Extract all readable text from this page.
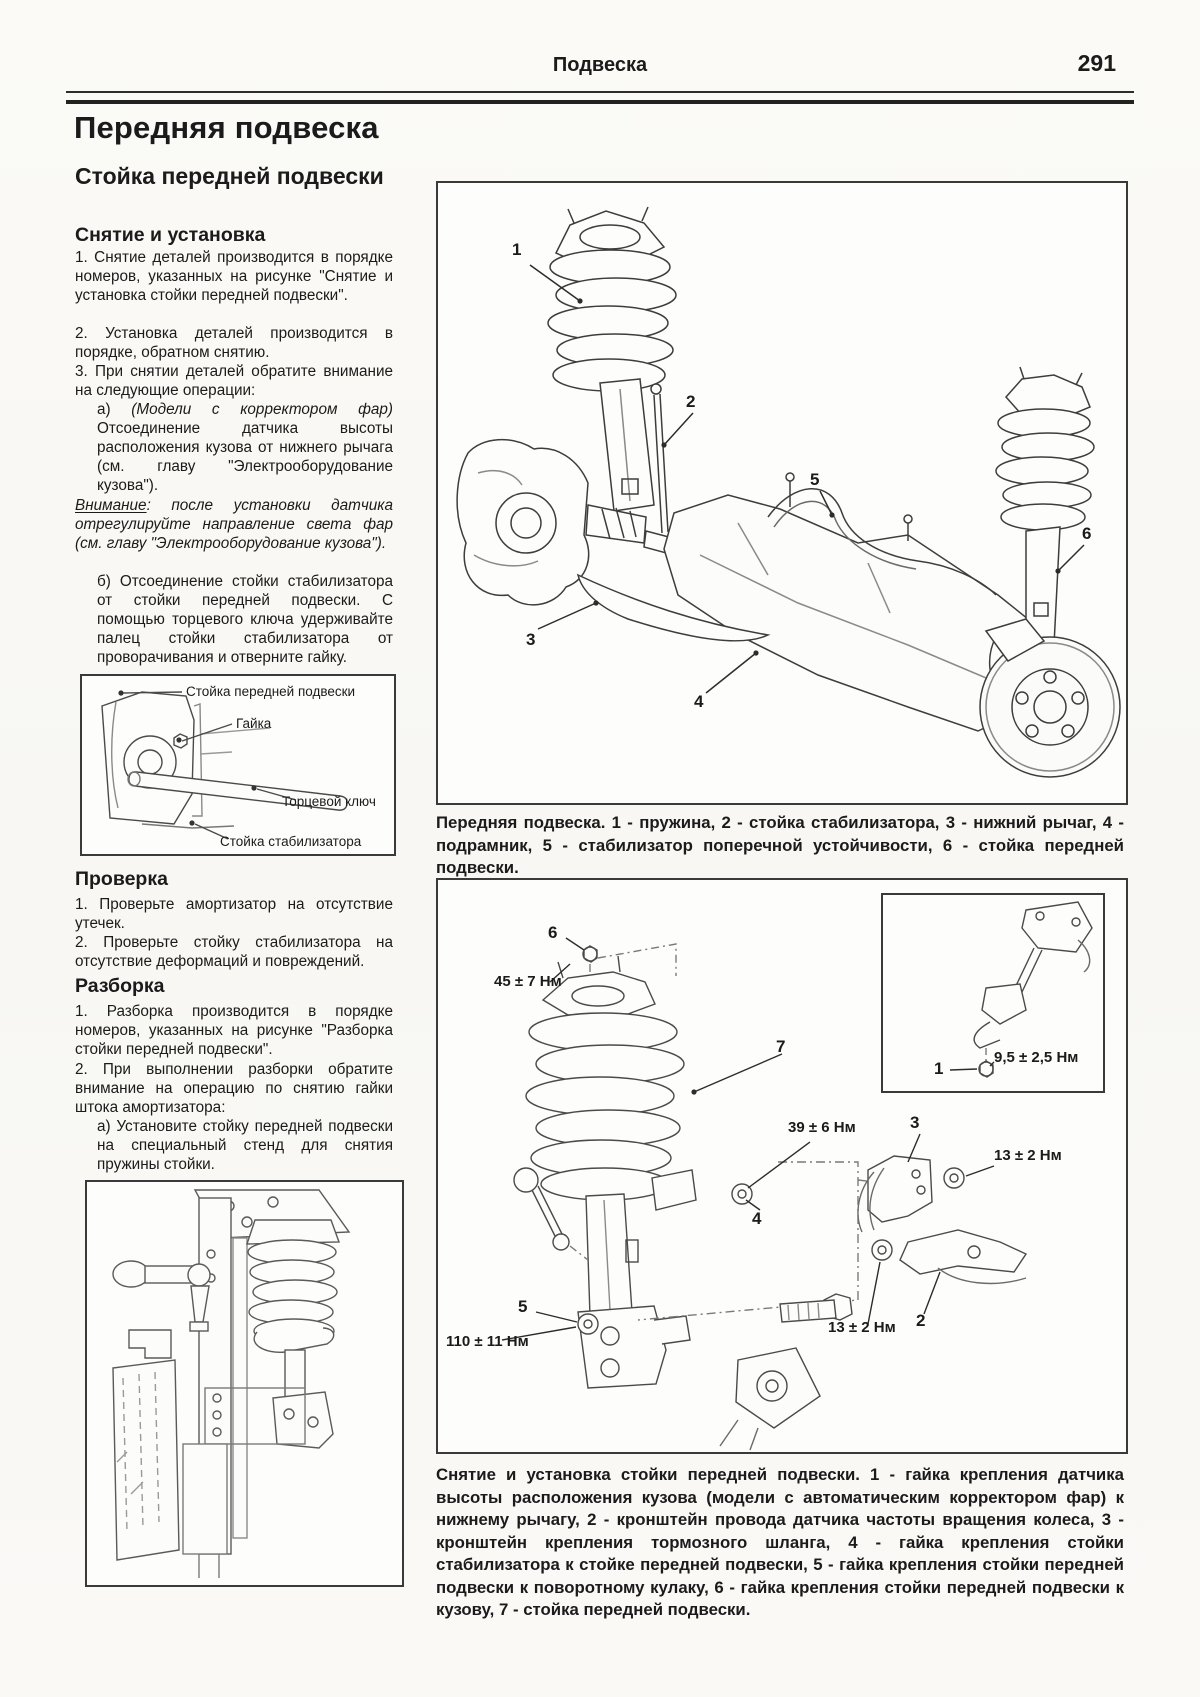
Подвеска	291
Передняя подвеска
Стойка передней подвески
Снятие и установка
1. Снятие деталей производится в порядке номеров, указанных на рисунке "Снятие и установка стойки передней подвески".
2. Установка деталей производится в порядке, обратном снятию.
3. При снятии деталей обратите внимание на следующие операции:
а) (Модели с корректором фар) Отсоединение датчика высоты расположения кузова от нижнего рычага (см. главу "Электрооборудование кузова").
Внимание: после установки датчика отрегулируйте направление света фар (см. главу "Электрооборудование кузова").
б) Отсоединение стойки стабилизатора от стойки передней подвески. С помощью торцевого ключа удерживайте палец стойки стабилизатора от проворачивания и отверните гайку.
Стойка передней подвески
Гайка
Торцевой ключ
Стойка стабилизатора
Проверка
1. Проверьте амортизатор на отсутствие утечек.
2. Проверьте стойку стабилизатора на отсутствие деформаций и повреждений.
Разборка
1. Разборка производится в порядке номеров, указанных на рисунке "Разборка стойки передней подвески".
2. При выполнении разборки обратите внимание на операцию по снятию гайки штока амортизатора:
а) Установите стойку передней подвески на специальный стенд для снятия пружины стойки.
1
2
5
6
3
4
Передняя подвеска. 1 - пружина, 2 - стойка стабилизатора, 3 - нижний рычаг, 4 - подрамник, 5 - стабилизатор поперечной устойчивости, 6 - стойка передней подвески.
6
45 ± 7 Нм
7
39 ± 6 Нм	3
13 ± 2 Нм
4
5
110 ± 11 Нм
13 ± 2 Нм 2
1
9,5 ± 2,5 Нм
Снятие и установка стойки передней подвески. 1 - гайка крепления датчика высоты расположения кузова (модели с автоматическим корректором фар) к нижнему рычагу, 2 - кронштейн провода датчика частоты вращения колеса, 3 - кронштейн крепления тормозного шланга, 4 - гайка крепления стойки стабилизатора к стойке передней подвески, 5 - гайка крепления стойки передней подвески к поворотному кулаку, 6 - гайка крепления стойки передней подвески к кузову, 7 - стойка передней подвески.
